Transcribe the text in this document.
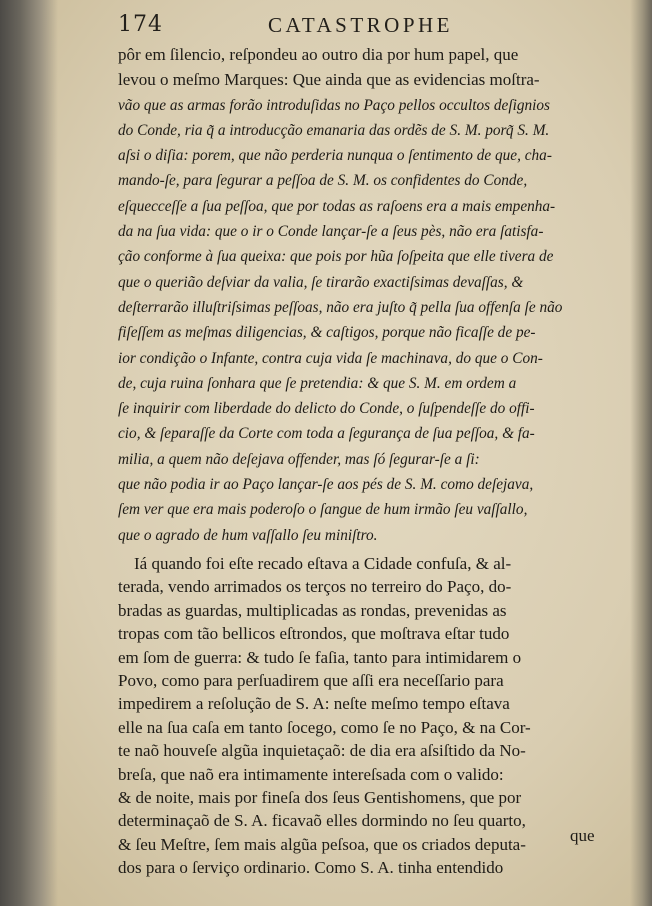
174	CATASTROPHE
pôr em ſilencio, reſpondeu ao outro dia por hum papel, que
levou o meſmo Marques: Que ainda que as evidencias moſtra-
vão que as armas forão introduſidas no Paço pellos occultos deſignios
do Conde, ria q̃ a introducção emanaria das ordẽs de S. M. porq̃ S. M.
aſsi o diſia: porem, que não perderia nunqua o ſentimento de que, cha-
mando-ſe, para ſegurar a peſſoa de S. M. os confidentes do Conde,
eſquecceſſe a ſua peſſoa, que por todas as raſoens era a mais empenha-
da na ſua vida: que o ir o Conde lançar-ſe a ſeus pès, não era ſatisfa-
ção conforme à ſua queixa: que pois por hũa ſoſpeita que elle tivera de
que o querião deſviar da valia, ſe tirarão exactiſsimas devaſſas, &
deſterrarão illuſtriſsimas peſſoas, não era juſto q̃ pella ſua offenſa ſe não
fiſeſſem as meſmas diligencias, & caſtigos, porque não ficaſſe de pe-
ior condição o Infante, contra cuja vida ſe machinava, do que o Con-
de, cuja ruina ſonhara que ſe pretendia: & que S. M. em ordem a
ſe inquirir com liberdade do delicto do Conde, o ſuſpendeſſe do offi-
cio, & ſeparaſſe da Corte com toda a ſegurança de ſua peſſoa, & fa-
milia, a quem não deſejava offender, mas ſó ſegurar-ſe a ſi:
que não podia ir ao Paço lançar-ſe aos pés de S. M. como deſejava,
ſem ver que era mais poderoſo o ſangue de hum irmão ſeu vaſſallo,
que o agrado de hum vaſſallo ſeu miniſtro.
Iá quando foi eſte recado eſtava a Cidade confuſa, & al-
terada, vendo arrimados os terços no terreiro do Paço, do-
bradas as guardas, multiplicadas as rondas, prevenidas as
tropas com tão bellicos eſtrondos, que moſtrava eſtar tudo
em ſom de guerra: & tudo ſe faſia, tanto para intimidarem o
Povo, como para perſuadirem que aſſi era neceſſario para
impedirem a reſolução de S. A: neſte meſmo tempo eſtava
elle na ſua caſa em tanto ſocego, como ſe no Paço, & na Cor-
te naõ houveſe algũa inquietaçaõ: de dia era aſsiſtido da No-
breſa, que naõ era intimamente intereſsada com o valido:
& de noite, mais por fineſa dos ſeus Gentishomens, que por
determinaçaõ de S. A. ficavaõ elles dormindo no ſeu quarto,
& ſeu Meſtre, ſem mais algũa peſsoa, que os criados deputa-
dos para o ſerviço ordinario. Como S. A. tinha entendido
que
